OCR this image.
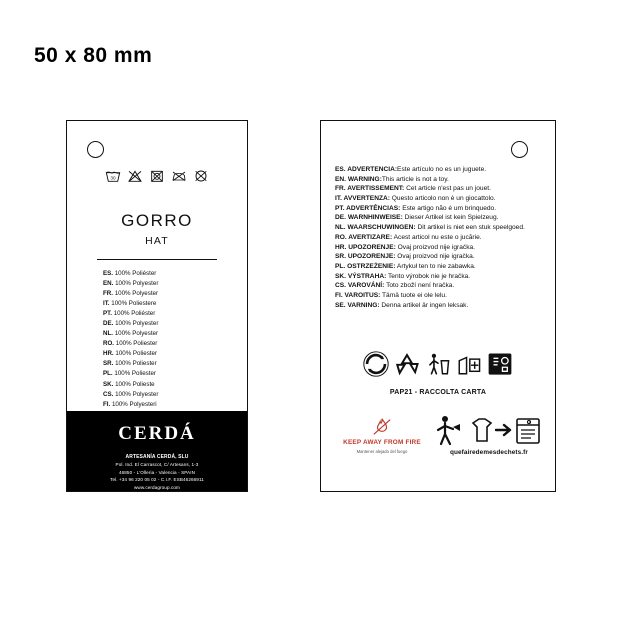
50 x 80 mm
30
GORRO
HAT
ES. 100% Poliéster
EN. 100% Polyester
FR. 100% Polyester
IT. 100% Poliestere
PT. 100% Poliéster
DE. 100% Polyester
NL. 100% Polyester
RO. 100% Poliester
HR. 100% Poliester
SR. 100% Poliester
PL. 100% Poliester
SK. 100% Polieste
CS. 100% Polyester
FI. 100% Polyesteri
CERDÁ
ARTESANÍA CERDÁ, SLU
Pol. Ind. El Carrascot, C/ Artesans, 1-3
46850 - L'Olleria - Valencia - SPAIN
Tel. +34 96 220 05 02 - C.I.F. ESB46266911
www.cerdagroup.com
info@cerdagroup.com
ES. ADVERTENCIA:Este artículo no es un juguete.
EN. WARNING:This article is not a toy.
FR. AVERTISSEMENT: Cet article n'est pas un jouet.
IT. AVVERTENZA: Questo articolo non è un giocattolo.
PT. ADVERTÊNCIAS: Este artigo não é um brinquedo.
DE. WARNHINWEISE: Dieser Artikel ist kein Spielzeug.
NL. WAARSCHUWINGEN: Dit artikel is niet een stuk speelgoed.
RO. AVERTIZARE: Acest articol nu este o jucărie.
HR. UPOZORENJE: Ovaj proizvod nije igračka.
SR. UPOZORENJE: Ovaj proizvod nije igračka.
PL. OSTRZEŻENIE: Artykuł ten to nie zabawka.
SK. VÝSTRAHA: Tento výrobok nie je hračka.
CS. VAROVÁNÍ: Toto zboží není hračka.
FI. VAROITUS: Tämä tuote ei ole lelu.
SE. VARNING: Denna artikel är ingen leksak.
PAP21 - RACCOLTA CARTA
KEEP AWAY FROM FIRE
Mantener alejado del fuego
FR
quefairedemesdechets.fr
